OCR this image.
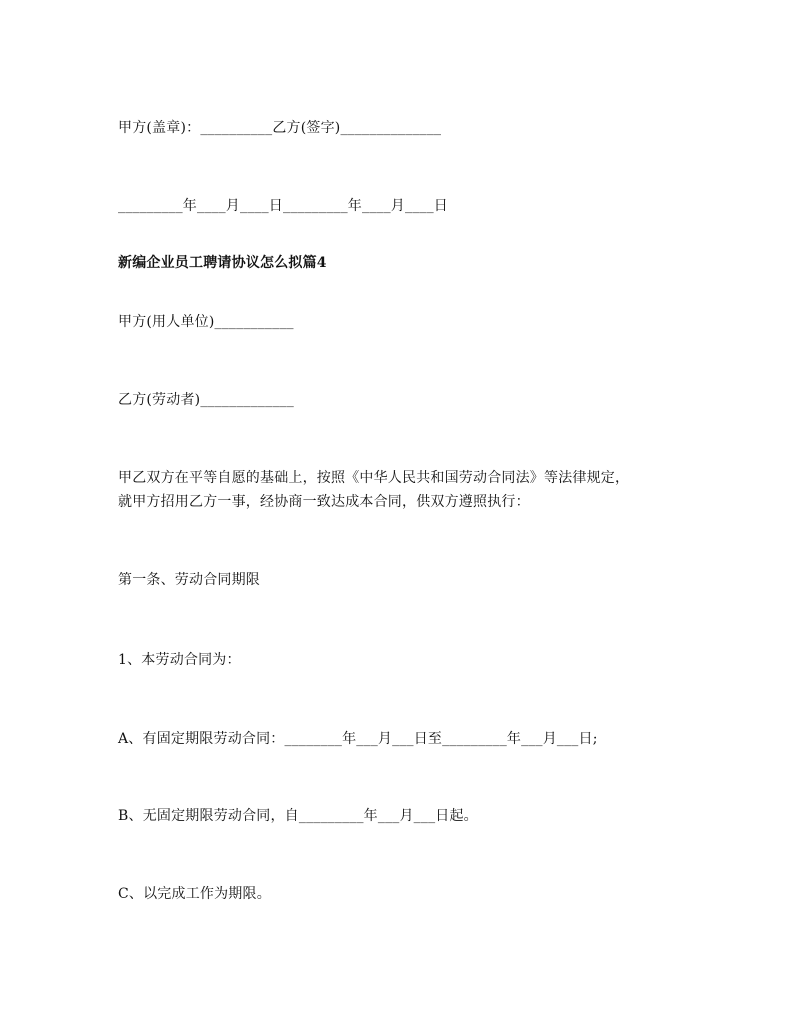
甲方(盖章)：__________乙方(签字)______________
_________年____月____日_________年____月____日
新编企业员工聘请协议怎么拟篇4
甲方(用人单位)___________
乙方(劳动者)_____________
甲乙双方在平等自愿的基础上，按照《中华人民共和国劳动合同法》等法律规定，
就甲方招用乙方一事，经协商一致达成本合同，供双方遵照执行：
第一条、劳动合同期限
1、本劳动合同为：
A、有固定期限劳动合同：________年___月___日至_________年___月___日;
B、无固定期限劳动合同，自_________年___月___日起。
C、以完成工作为期限。
